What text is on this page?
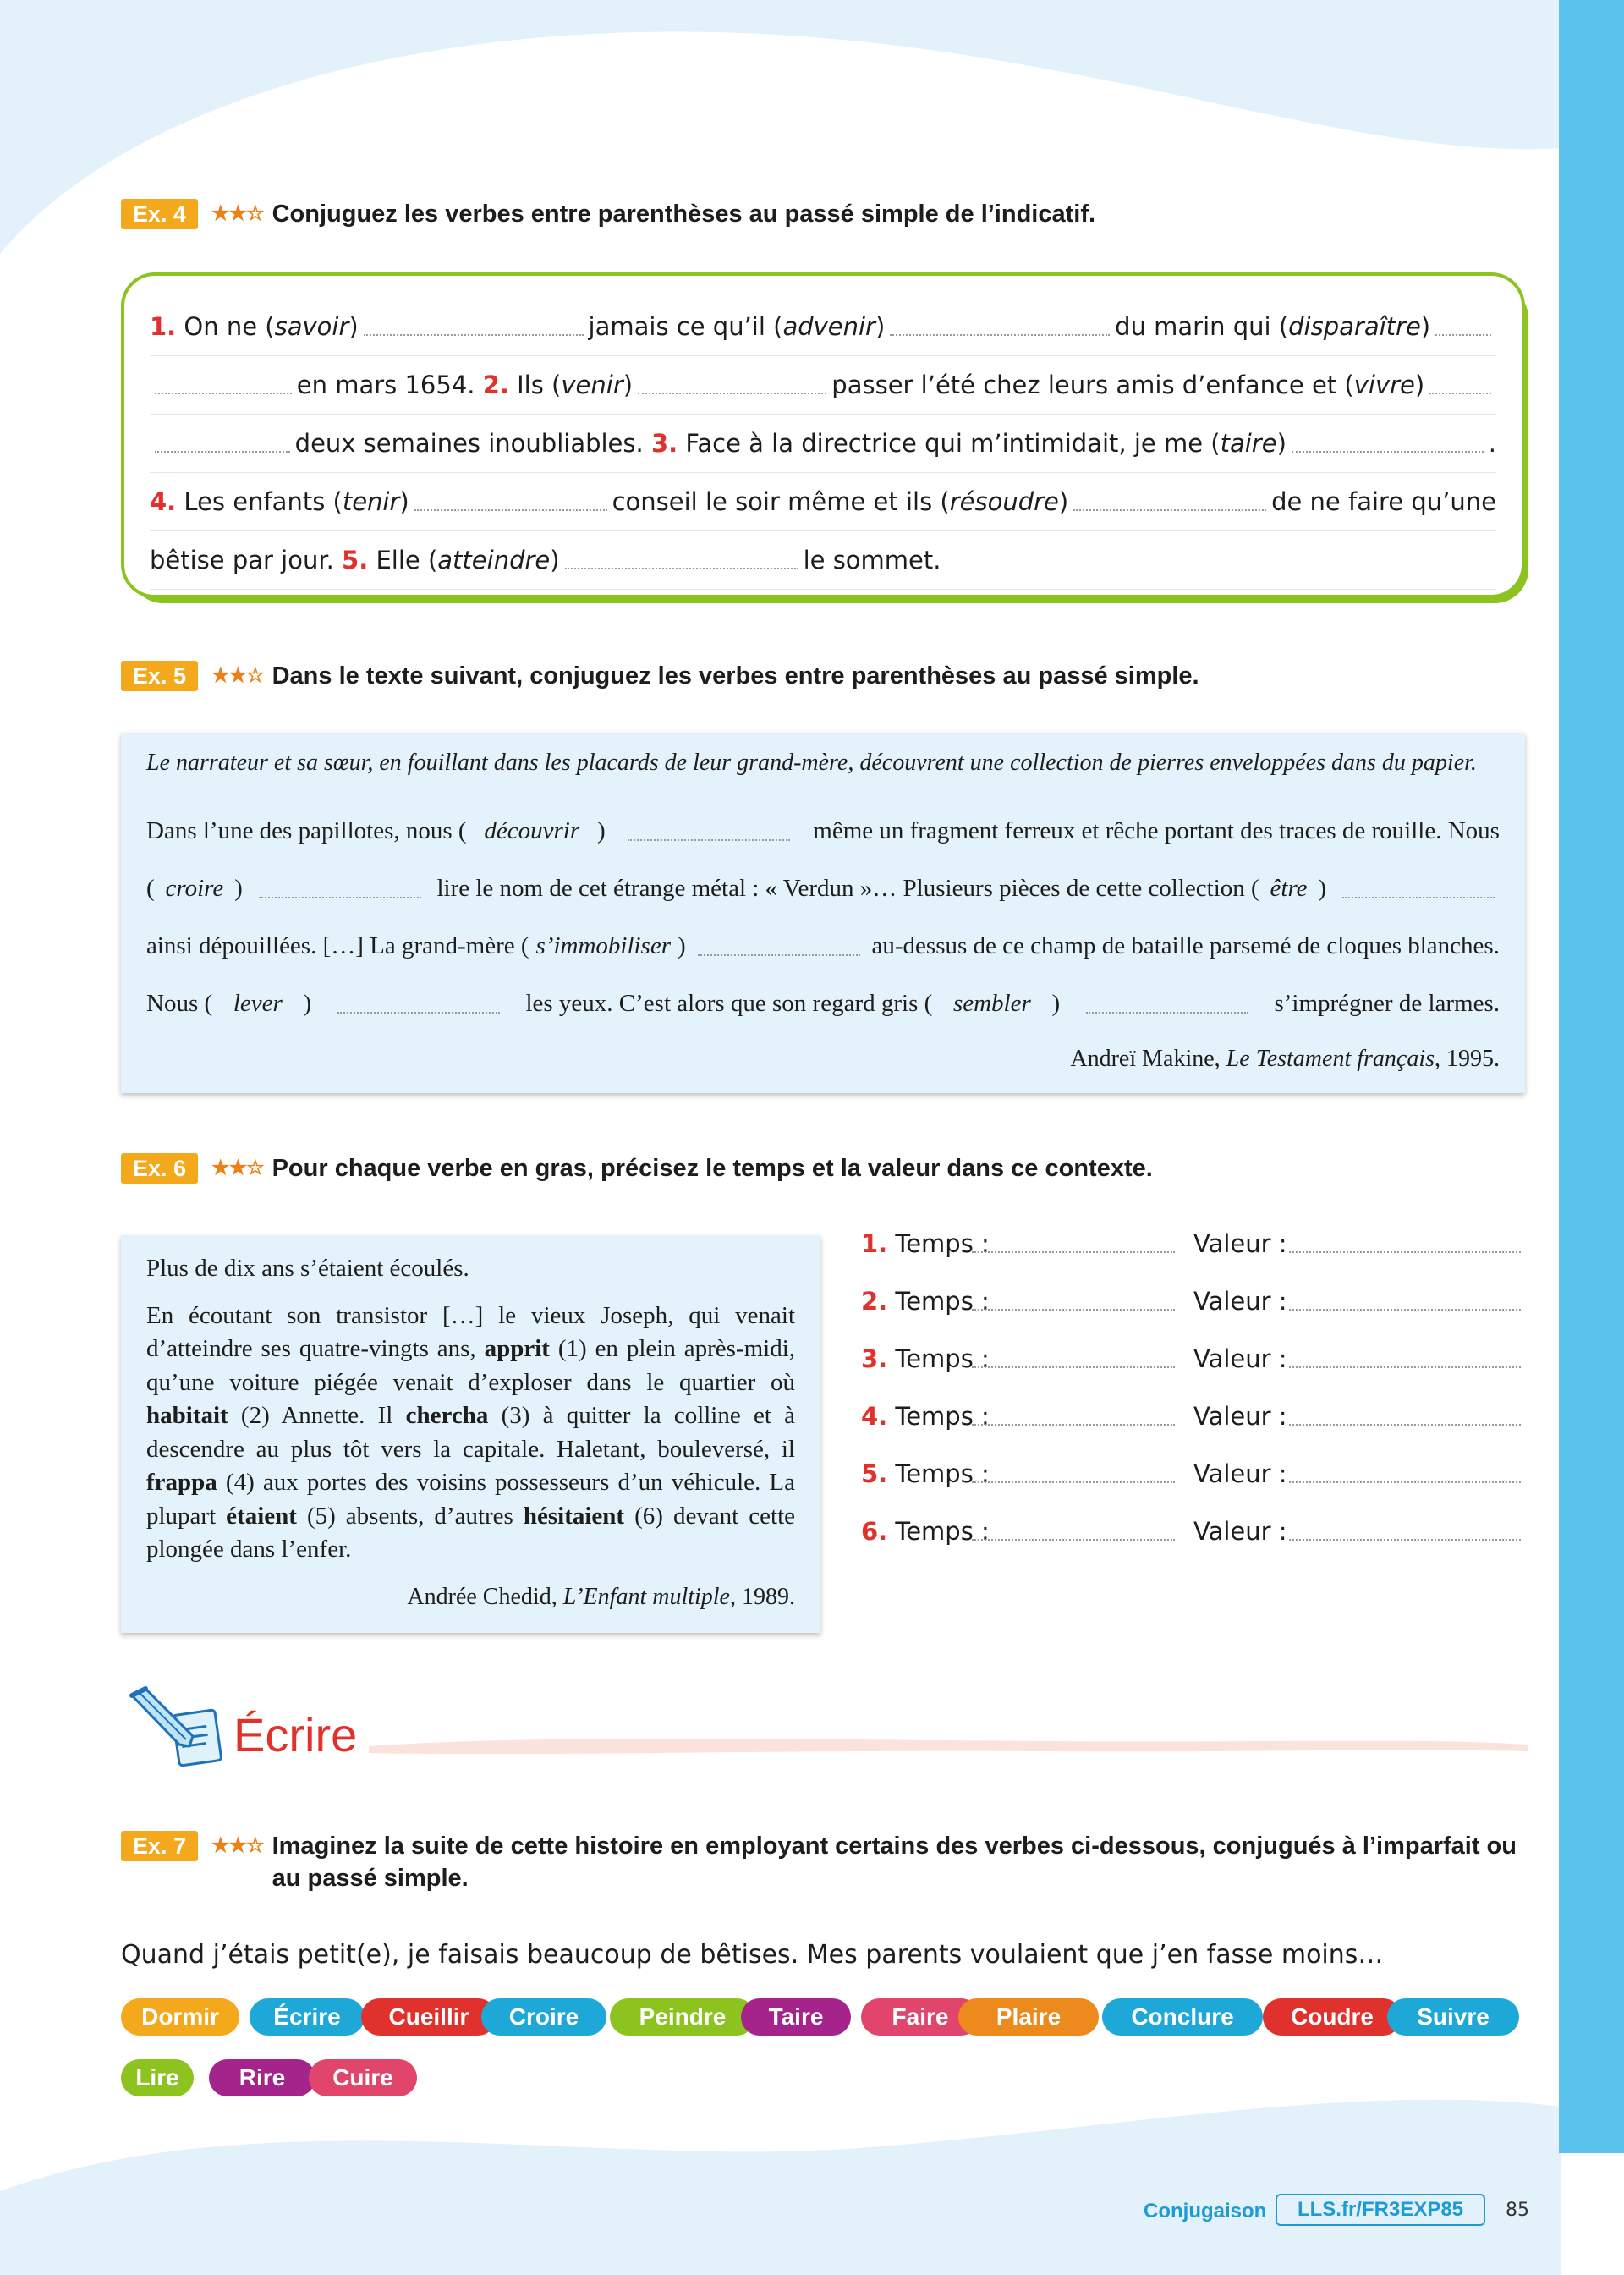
Ex. 4	★★☆ Conjuguez les verbes entre parenthèses au passé simple de l’indicatif.
1. On ne ( savoir )	jamais ce qu’il ( advenir )	du marin qui ( disparaître )
en mars 1654. 2. Ils ( venir )	passer l’été chez leurs amis d’enfance et ( vivre )
deux semaines inoubliables. 3. Face à la directrice qui m’intimidait, je me ( taire )	.
4. Les enfants ( tenir )	conseil le soir même et ils ( résoudre )	de ne faire qu’une
bêtise par jour. 5. Elle ( atteindre )	le sommet.
Ex. 5	★★☆ Dans le texte suivant, conjuguez les verbes entre parenthèses au passé simple.
Le narrateur et sa sœur, en fouillant dans les placards de leur grand-mère, découvrent une collection de pierres enveloppées dans du papier.
Dans l’une des papillotes, nous ( découvrir )	même un fragment ferreux et rêche portant des traces de rouille. Nous
( croire )	lire le nom de cet étrange métal : « Verdun »… Plusieurs pièces de cette collection ( être )
ainsi dépouillées. […] La grand-mère ( s’immobiliser )	au-dessus de ce champ de bataille parsemé de cloques blanches.
Nous ( lever )	les yeux. C’est alors que son regard gris ( sembler )	s’imprégner de larmes.
Andreï Makine, Le Testament français, 1995.
Ex. 6	★★☆ Pour chaque verbe en gras, précisez le temps et la valeur dans ce contexte.

Plus de dix ans s’étaient écoulés.

En écoutant son transistor […] le vieux Joseph, qui venait d’atteindre ses quatre-vingts ans, apprit (1) en plein après-midi, qu’une voiture piégée venait d’exploser dans le quartier où habitait (2) Annette. Il chercha (3) à quitter la colline et à descendre au plus tôt vers la capitale. Haletant, bouleversé, il frappa (4) aux portes des voisins possesseurs d’un véhicule. La plupart étaient (5) absents, d’autres hésitaient (6) devant cette plongée dans l’enfer.

Andrée Chedid, L’Enfant multiple, 1989.
1. Temps :	Valeur :
2. Temps :	Valeur :
3. Temps :	Valeur :
4. Temps :	Valeur :
5. Temps :	Valeur :
6. Temps :	Valeur :
Écrire
Ex. 7	★★☆ Imaginez la suite de cette histoire en employant certains des verbes ci-dessous, conjugués à l’imparfait ou au passé simple.
Quand j’étais petit(e), je faisais beaucoup de bêtises. Mes parents voulaient que j’en fasse moins…
Dormir	Écrire	Cueillir	Croire	Peindre	Taire	Faire	Plaire	Conclure	Coudre	Suivre
Lire	Rire	Cuire
Conjugaison	LLS.fr/FR3EXP85	85
